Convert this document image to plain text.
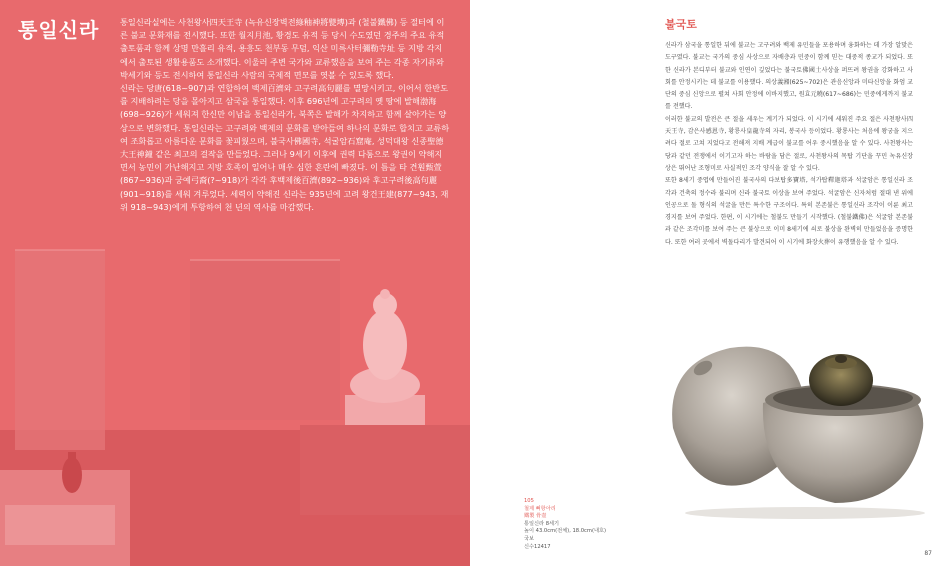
통일신라	통일신라실에는 사천왕사四天王寺 (녹유신장벽전綠釉神將甓塼)과 (철불鐵佛) 등 절터에 이른 불교 문화재를 전시했다. 또한 월지月池, 황경도 유적 등 당시 수도였던 경주의 주요 유적 출토품과 함께 상명 만흘리 유적, 용흥도 천부동 무덤, 익산 미륵사터彌勒寺址 등 지방 각지에서 출토된 생활용품도 소개했다. 이울러 주변 국가와 교류했음을 보여 주는 각종 자기류와 박세기와 등도 전시하여 통일신라 사람의 국제적 면모를 엿볼 수 있도록 했다.

신라는 당唐(618~907)과 연합하여 백제百濟와 고구려高句麗를 멸망시키고, 이어서 한반도를 지배하려는 당을 몰아지고 삼국을 통일했다. 이후 696년에 고구려의 옛 땅에 발해渤海(698~926)가 세워져 한신만 이남을 통일신라가, 북쪽은 발해가 차지하고 함께 살아가는 양상으로 변화했다. 통일신라는 고구려와 백제의 문화를 받아들여 하나의 문화로 합치고 교류하여 조화롭고 아름다운 문화를 꽃피웠으며, 불국사佛國寺, 석굴암石窟庵, 성덕대왕 신종聖德大王神鐘 같은 최고의 걸작을 만들었다. 그러나 9세기 이후에 권력 다툼으로 왕권이 약해지면서 농민이 가난해지고 지방 호족이 일어나 매우 심한 혼란에 빠졌다. 이 틈을 타 견훤甄萱(867~936)과 궁예弓裔(?~918)가 각각 후백제後百濟(892~936)와 후고구려後高句麗(901~918)를 세워 겨루었다. 세력이 약해진 신라는 935년에 고려 왕건王建(877~943, 재위 918~943)에게 투항하여 천 년의 역사를 마감했다.

불국토

신라가 삼국을 통일한 뒤에 불교는 고구려와 백제 유민들을 포용하며 융화하는 데 가장 알맞은 도구였다. 불교는 국가의 중심 사상으로 자배층과 민중이 함께 믿는 대중적 종교가 되었다. 또한 신라가 본디부터 불교와 인연이 깊었다는 불국토佛國土사상을 퍼뜨려 왕권을 강화하고 사회를 안정시키는 데 불교를 이용했다. 의상義湘(625~702)은 관음신앙과 미타신앙을 화엄 교단의 중심 신앙으로 펼쳐 사회 안정에 이바지했고, 원효元曉(617~686)는 민중에게까지 불교를 전했다.

이러한 불교의 발전은 큰 절을 세우는 계기가 되었다. 이 시기에 세워진 주요 절은 사천왕사四天王寺, 감은사感恩寺, 황룡사皇龍寺의 자리, 봉국사 등이었다. 황룡사는 처음에 왕궁을 지으려다 절로 고쳐 지었다고 전해져 지배 계급이 불교를 어우 중시했음을 알 수 있다. 사천왕사는 당과 같던 전쟁에서 이기고자 하는 바람을 담은 절로, 사천왕사의 목탑 기단을 꾸민 녹유신장상은 뛰어난 조형미로 사실적인 조각 양식을 잘 알 수 있다.

또한 8세기 중엽에 만들어진 불국사의 다보탑多寶塔, 석가탑釋迦塔과 석굴암은 통일신라 조각과 건축의 정수라 불리며 신라 불국토 이상을 보여 주었다. 석굴암은 신자처럼 절대 낸 위에 인공으로 돌 형식의 석굴을 만든 특수한 구조이다. 특히 본존불은 통일신라 조각이 이룬 최고 경지를 보여 주었다. 한편, 이 시기에는 철불도 만들기 시작했다. (철불鐵佛)은 석굴암 본존불과 같은 조각미를 보여 주는 큰 불상으로 이미 8세기에 쇠로 불상을 완벽히 만들었음을 증명한다. 또한 여러 곳에서 벽돌다리가 발견되어 이 시기에 화장火葬이 유행했음을 알 수 있다.

105
철제 뼈항아리
鐵製 骨壺
통일신라 8세기
높이 43.0cm(전체), 18.0cm(내호)
국보
신수12417
87
